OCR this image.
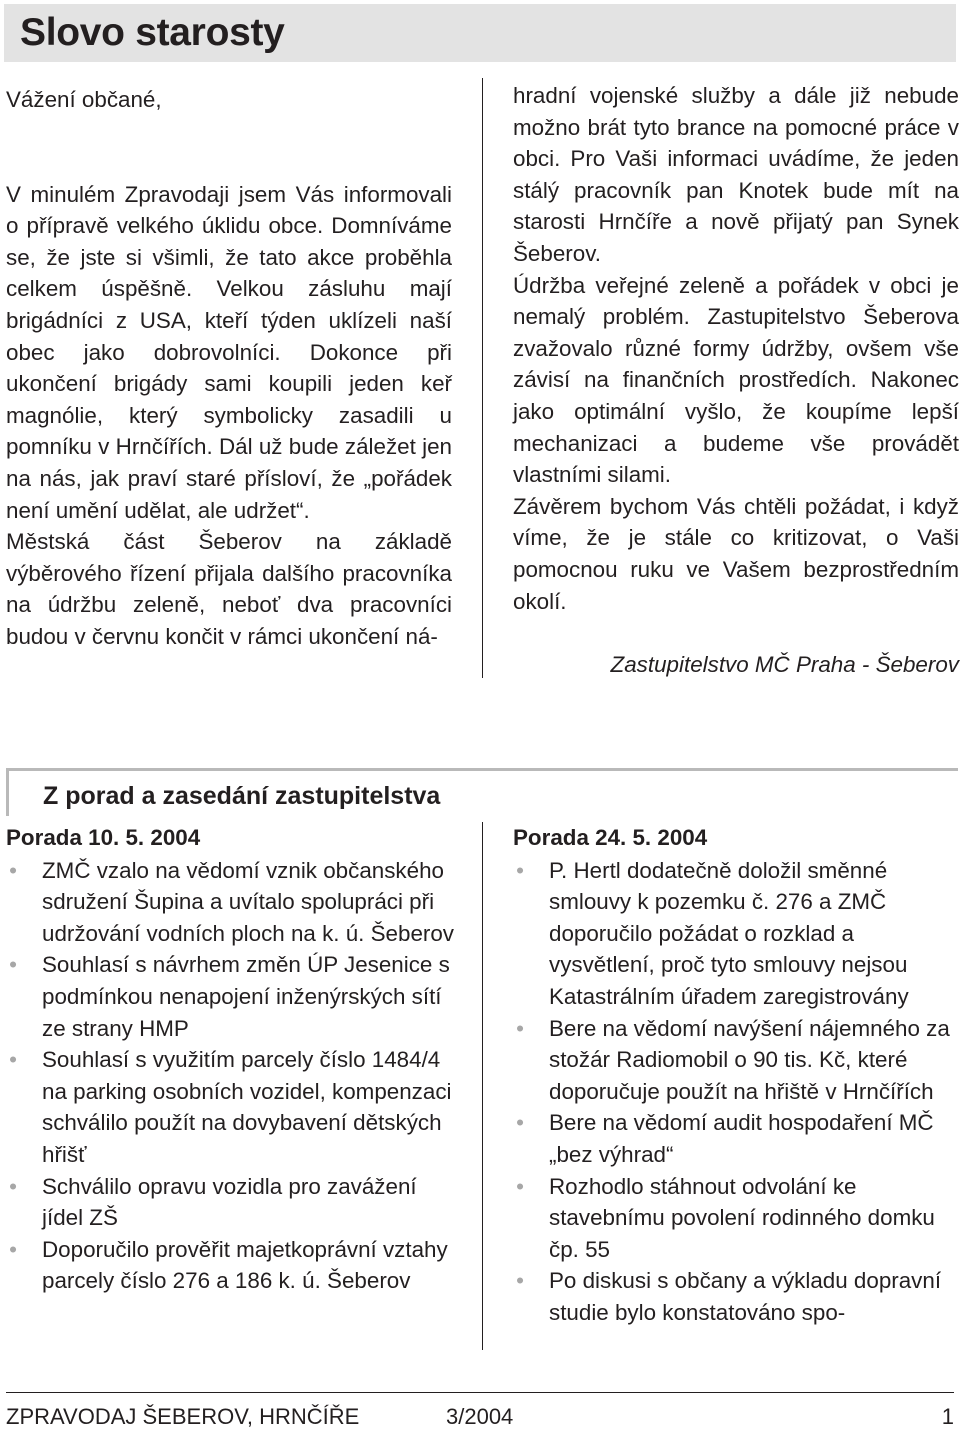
Slovo starosty

Vážení občané,

V minulém Zpravodaji jsem Vás informovali o přípravě velkého úklidu obce. Domníváme se, že jste si všimli, že tato akce proběhla celkem úspěšně. Velkou zásluhu mají brigádníci z USA, kteří týden uklízeli naší obec jako dobrovolníci. Dokonce při ukončení brigády sami koupili jeden keř magnólie, který symbolicky zasadili u pomníku v Hrnčířích. Dál už bude záležet jen na nás, jak praví staré přísloví, že „pořádek není umění udělat, ale udržet“.

Městská část Šeberov na základě výběrového řízení přijala dalšího pracovníka na údržbu zeleně, neboť dva pracovníci budou v červnu končit v rámci ukončení ná-

hradní vojenské služby a dále již nebude možno brát tyto brance na pomocné práce v obci. Pro Vaši informaci uvádíme, že jeden stálý pracovník pan Knotek bude mít na starosti Hrnčíře a nově přijatý pan Synek Šeberov.

Údržba veřejné zeleně a pořádek v obci je nemalý problém. Zastupitelstvo Šeberova zvažovalo různé formy údržby, ovšem vše závisí na finančních prostředích. Nakonec jako optimální vyšlo, že koupíme lepší mechanizaci a budeme vše provádět vlastními silami.

Závěrem bychom Vás chtěli požádat, i když víme, že je stále co kritizovat, o Vaši pomocnou ruku ve Vašem bezprostředním okolí.

Zastupitelstvo MČ Praha - Šeberov

Z porad a zasedání zastupitelstva

Porada 10. 5. 2004

• ZMČ vzalo na vědomí vznik občanského sdružení Šupina a uvítalo spolupráci při udržování vodních ploch na k. ú. Šeberov
• Souhlasí s návrhem změn ÚP Jesenice s podmínkou nenapojení inženýrských sítí ze strany HMP
• Souhlasí s využitím parcely číslo 1484/4 na parking osobních vozidel, kompenzaci schválilo použít na dovybavení dětských hřišť
• Schválilo opravu vozidla pro zavážení jídel ZŠ
• Doporučilo prověřit majetkoprávní vztahy parcely číslo 276 a 186 k. ú. Šeberov

Porada 24. 5. 2004

• P. Hertl dodatečně doložil směnné smlouvy k pozemku č. 276 a ZMČ doporučilo požádat o rozklad a vysvětlení, proč tyto smlouvy nejsou Katastrálním úřadem zaregistrovány
• Bere na vědomí navýšení nájemného za stožár Radiomobil o 90 tis. Kč, které doporučuje použít na hřiště v Hrnčířích
• Bere na vědomí audit hospodaření MČ „bez výhrad“
• Rozhodlo stáhnout odvolání ke stavebnímu povolení rodinného domku čp. 55
• Po diskusi s občany a výkladu dopravní studie bylo konstatováno spo-
ZPRAVODAJ ŠEBEROV, HRNČÍŘE	3/2004	1
